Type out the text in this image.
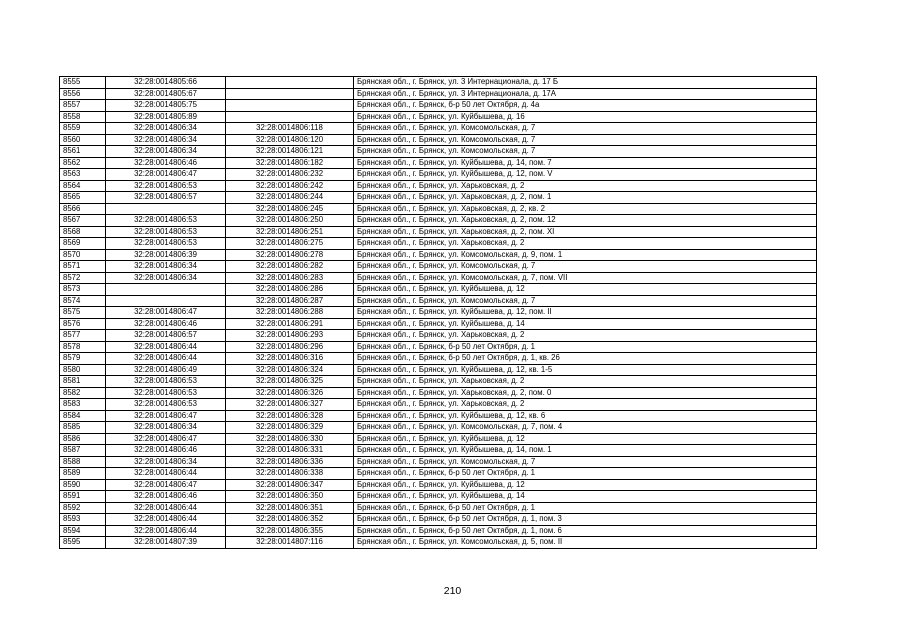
8555	32:28:0014805:66		Брянская обл., г. Брянск, ул. 3 Интернационала, д. 17 Б
8556	32:28:0014805:67		Брянская обл., г. Брянск, ул. 3 Интернационала, д. 17А
8557	32:28:0014805:75		Брянская обл., г. Брянск, б-р 50 лет Октября, д. 4а
8558	32:28:0014805:89		Брянская обл., г. Брянск, ул. Куйбышева, д. 16
8559	32:28:0014806:34	32:28:0014806:118	Брянская обл., г. Брянск, ул. Комсомольская, д. 7
8560	32:28:0014806:34	32:28:0014806:120	Брянская обл., г. Брянск, ул. Комсомольская, д. 7
8561	32:28:0014806:34	32:28:0014806:121	Брянская обл., г. Брянск, ул. Комсомольская, д. 7
8562	32:28:0014806:46	32:28:0014806:182	Брянская обл., г. Брянск, ул. Куйбышева, д. 14, пом. 7
8563	32:28:0014806:47	32:28:0014806:232	Брянская обл., г. Брянск, ул. Куйбышева, д. 12, пом. V
8564	32:28:0014806:53	32:28:0014806:242	Брянская обл., г. Брянск, ул. Харьковская, д. 2
8565	32:28:0014806:57	32:28:0014806:244	Брянская обл., г. Брянск, ул. Харьковская, д. 2, пом. 1
8566		32:28:0014806:245	Брянская обл., г. Брянск, ул. Харьковская, д. 2, кв. 2
8567	32:28:0014806:53	32:28:0014806:250	Брянская обл., г. Брянск, ул. Харьковская, д. 2, пом. 12
8568	32:28:0014806:53	32:28:0014806:251	Брянская обл., г. Брянск, ул. Харьковская, д. 2, пом. XI
8569	32:28:0014806:53	32:28:0014806:275	Брянская обл., г. Брянск, ул. Харьковская, д. 2
8570	32:28:0014806:39	32:28:0014806:278	Брянская обл., г. Брянск, ул. Комсомольская, д. 9, пом. 1
8571	32:28:0014806:34	32:28:0014806:282	Брянская обл., г. Брянск, ул. Комсомольская, д. 7
8572	32:28:0014806:34	32:28:0014806:283	Брянская обл., г. Брянск, ул. Комсомольская, д. 7, пом. VII
8573		32:28:0014806:286	Брянская обл., г. Брянск, ул. Куйбышева, д. 12
8574		32:28:0014806:287	Брянская обл., г. Брянск, ул. Комсомольская, д. 7
8575	32:28:0014806:47	32:28:0014806:288	Брянская обл., г. Брянск, ул. Куйбышева, д. 12, пом. II
8576	32:28:0014806:46	32:28:0014806:291	Брянская обл., г. Брянск, ул. Куйбышева, д. 14
8577	32:28:0014806:57	32:28:0014806:293	Брянская обл., г. Брянск, ул. Харьковская, д. 2
8578	32:28:0014806:44	32:28:0014806:296	Брянская обл., г. Брянск, б-р 50 лет Октября, д. 1
8579	32:28:0014806:44	32:28:0014806:316	Брянская обл., г. Брянск, б-р 50 лет Октября, д. 1, кв. 26
8580	32:28:0014806:49	32:28:0014806:324	Брянская обл., г. Брянск, ул. Куйбышева, д. 12, кв. 1-5
8581	32:28:0014806:53	32:28:0014806:325	Брянская обл., г. Брянск, ул. Харьковская, д. 2
8582	32:28:0014806:53	32:28:0014806:326	Брянская обл., г. Брянск, ул. Харьковская, д. 2, пом. 0
8583	32:28:0014806:53	32:28:0014806:327	Брянская обл., г. Брянск, ул. Харьковская, д. 2
8584	32:28:0014806:47	32:28:0014806:328	Брянская обл., г. Брянск, ул. Куйбышева, д. 12, кв. 6
8585	32:28:0014806:34	32:28:0014806:329	Брянская обл., г. Брянск, ул. Комсомольская, д. 7, пом. 4
8586	32:28:0014806:47	32:28:0014806:330	Брянская обл., г. Брянск, ул. Куйбышева, д. 12
8587	32:28:0014806:46	32:28:0014806:331	Брянская обл., г. Брянск, ул. Куйбышева, д. 14, пом. 1
8588	32:28:0014806:34	32:28:0014806:336	Брянская обл., г. Брянск, ул. Комсомольская, д. 7
8589	32:28:0014806:44	32:28:0014806:338	Брянская обл., г. Брянск, б-р 50 лет Октября, д. 1
8590	32:28:0014806:47	32:28:0014806:347	Брянская обл., г. Брянск, ул. Куйбышева, д. 12
8591	32:28:0014806:46	32:28:0014806:350	Брянская обл., г. Брянск, ул. Куйбышева, д. 14
8592	32:28:0014806:44	32:28:0014806:351	Брянская обл., г. Брянск, б-р 50 лет Октября, д. 1
8593	32:28:0014806:44	32:28:0014806:352	Брянская обл., г. Брянск, б-р 50 лет Октября, д. 1, пом. 3
8594	32:28:0014806:44	32:28:0014806:355	Брянская обл., г. Брянск, б-р 50 лет Октября, д. 1, пом. 6
8595	32:28:0014807:39	32:28:0014807:116	Брянская обл., г. Брянск, ул. Комсомольская, д. 5, пом. II
210
